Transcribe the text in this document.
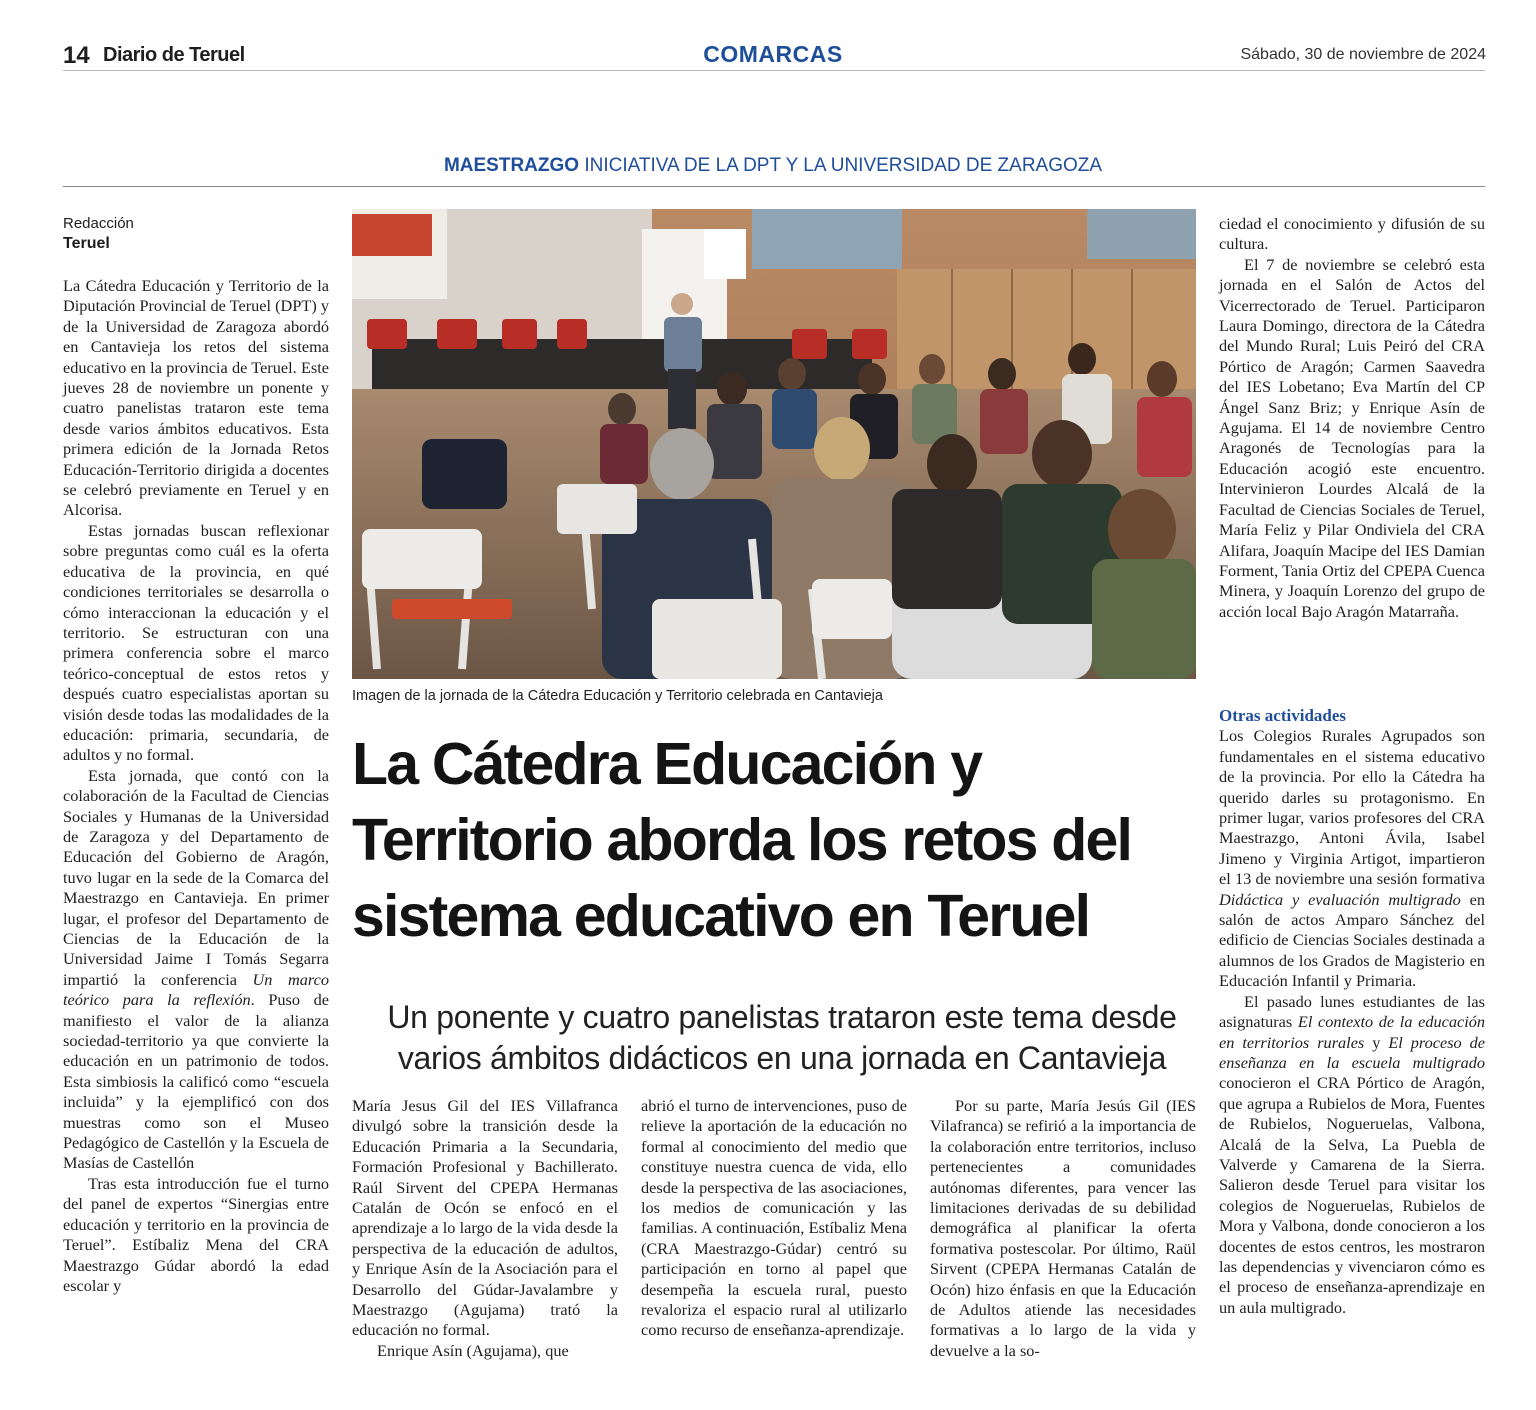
14 Diario de Teruel	COMARCAS	Sábado, 30 de noviembre de 2024
MAESTRAZGO INICIATIVA DE LA DPT Y LA UNIVERSIDAD DE ZARAGOZA
Redacción
Teruel

La Cátedra Educación y Territorio de la Diputación Provincial de Teruel (DPT) y de la Universidad de Zaragoza abordó en Cantavieja los retos del sistema educativo en la provincia de Teruel. Este jueves 28 de noviembre un ponente y cuatro panelistas trataron este tema desde varios ámbitos educativos. Esta primera edición de la Jornada Retos Educación-Territorio dirigida a docentes se celebró previamente en Teruel y en Alcorisa.

Estas jornadas buscan reflexionar sobre preguntas como cuál es la oferta educativa de la provincia, en qué condiciones territoriales se desarrolla o cómo interaccionan la educación y el territorio. Se estructuran con una primera conferencia sobre el marco teórico-conceptual de estos retos y después cuatro especialistas aportan su visión desde todas las modalidades de la educación: primaria, secundaria, de adultos y no formal.

Esta jornada, que contó con la colaboración de la Facultad de Ciencias Sociales y Humanas de la Universidad de Zaragoza y del Departamento de Educación del Gobierno de Aragón, tuvo lugar en la sede de la Comarca del Maestrazgo en Cantavieja. En primer lugar, el profesor del Departamento de Ciencias de la Educación de la Universidad Jaime I Tomás Segarra impartió la conferencia Un marco teórico para la reflexión. Puso de manifiesto el valor de la alianza sociedad-territorio ya que convierte la educación en un patrimonio de todos. Esta simbiosis la calificó como “escuela incluida” y la ejemplificó con dos muestras como son el Museo Pedagógico de Castellón y la Escuela de Masías de Castellón

Tras esta introducción fue el turno del panel de expertos “Sinergias entre educación y territorio en la provincia de Teruel”. Estíbaliz Mena del CRA Maestrazgo Gúdar abordó la edad escolar y

Imagen de la jornada de la Cátedra Educación y Territorio celebrada en Cantavieja
La Cátedra Educación y Territorio aborda los retos del sistema educativo en Teruel
Un ponente y cuatro panelistas trataron este tema desde varios ámbitos didácticos en una jornada en Cantavieja

María Jesus Gil del IES Villafranca divulgó sobre la transición desde la Educación Primaria a la Secundaria, Formación Profesional y Bachillerato. Raúl Sirvent del CPEPA Hermanas Catalán de Ocón se enfocó en el aprendizaje a lo largo de la vida desde la perspectiva de la educación de adultos, y Enrique Asín de la Asociación para el Desarrollo del Gúdar-Javalambre y Maestrazgo (Agujama) trató la educación no formal.

Enrique Asín (Agujama), que

abrió el turno de intervenciones, puso de relieve la aportación de la educación no formal al conocimiento del medio que constituye nuestra cuenca de vida, ello desde la perspectiva de las asociaciones, los medios de comunicación y las familias. A continuación, Estíbaliz Mena (CRA Maestrazgo-Gúdar) centró su participación en torno al papel que desempeña la escuela rural, puesto revaloriza el espacio rural al utilizarlo como recurso de enseñanza-aprendizaje.

Por su parte, María Jesús Gil (IES Vilafranca) se refirió a la importancia de la colaboración entre territorios, incluso pertenecientes a comunidades autónomas diferentes, para vencer las limitaciones derivadas de su debilidad demográfica al planificar la oferta formativa postescolar. Por último, Raül Sirvent (CPEPA Hermanas Catalán de Ocón) hizo énfasis en que la Educación de Adultos atiende las necesidades formativas a lo largo de la vida y devuelve a la so-

ciedad el conocimiento y difusión de su cultura.

El 7 de noviembre se celebró esta jornada en el Salón de Actos del Vicerrectorado de Teruel. Participaron Laura Domingo, directora de la Cátedra del Mundo Rural; Luis Peiró del CRA Pórtico de Aragón; Carmen Saavedra del IES Lobetano; Eva Martín del CP Ángel Sanz Briz; y Enrique Asín de Agujama. El 14 de noviembre Centro Aragonés de Tecnologías para la Educación acogió este encuentro. Intervinieron Lourdes Alcalá de la Facultad de Ciencias Sociales de Teruel, María Feliz y Pilar Ondiviela del CRA Alifara, Joaquín Macipe del IES Damian Forment, Tania Ortiz del CPEPA Cuenca Minera, y Joaquín Lorenzo del grupo de acción local Bajo Aragón Matarraña.

Otras actividades

Los Colegios Rurales Agrupados son fundamentales en el sistema educativo de la provincia. Por ello la Cátedra ha querido darles su protagonismo. En primer lugar, varios profesores del CRA Maestrazgo, Antoni Ávila, Isabel Jimeno y Virginia Artigot, impartieron el 13 de noviembre una sesión formativa Didáctica y evaluación multigrado en salón de actos Amparo Sánchez del edificio de Ciencias Sociales destinada a alumnos de los Grados de Magisterio en Educación Infantil y Primaria.

El pasado lunes estudiantes de las asignaturas El contexto de la educación en territorios rurales y El proceso de enseñanza en la escuela multigrado conocieron el CRA Pórtico de Aragón, que agrupa a Rubielos de Mora, Fuentes de Rubielos, Nogueruelas, Valbona, Alcalá de la Selva, La Puebla de Valverde y Camarena de la Sierra. Salieron desde Teruel para visitar los colegios de Nogueruelas, Rubielos de Mora y Valbona, donde conocieron a los docentes de estos centros, les mostraron las dependencias y vivenciaron cómo es el proceso de enseñanza-aprendizaje en un aula multigrado.
